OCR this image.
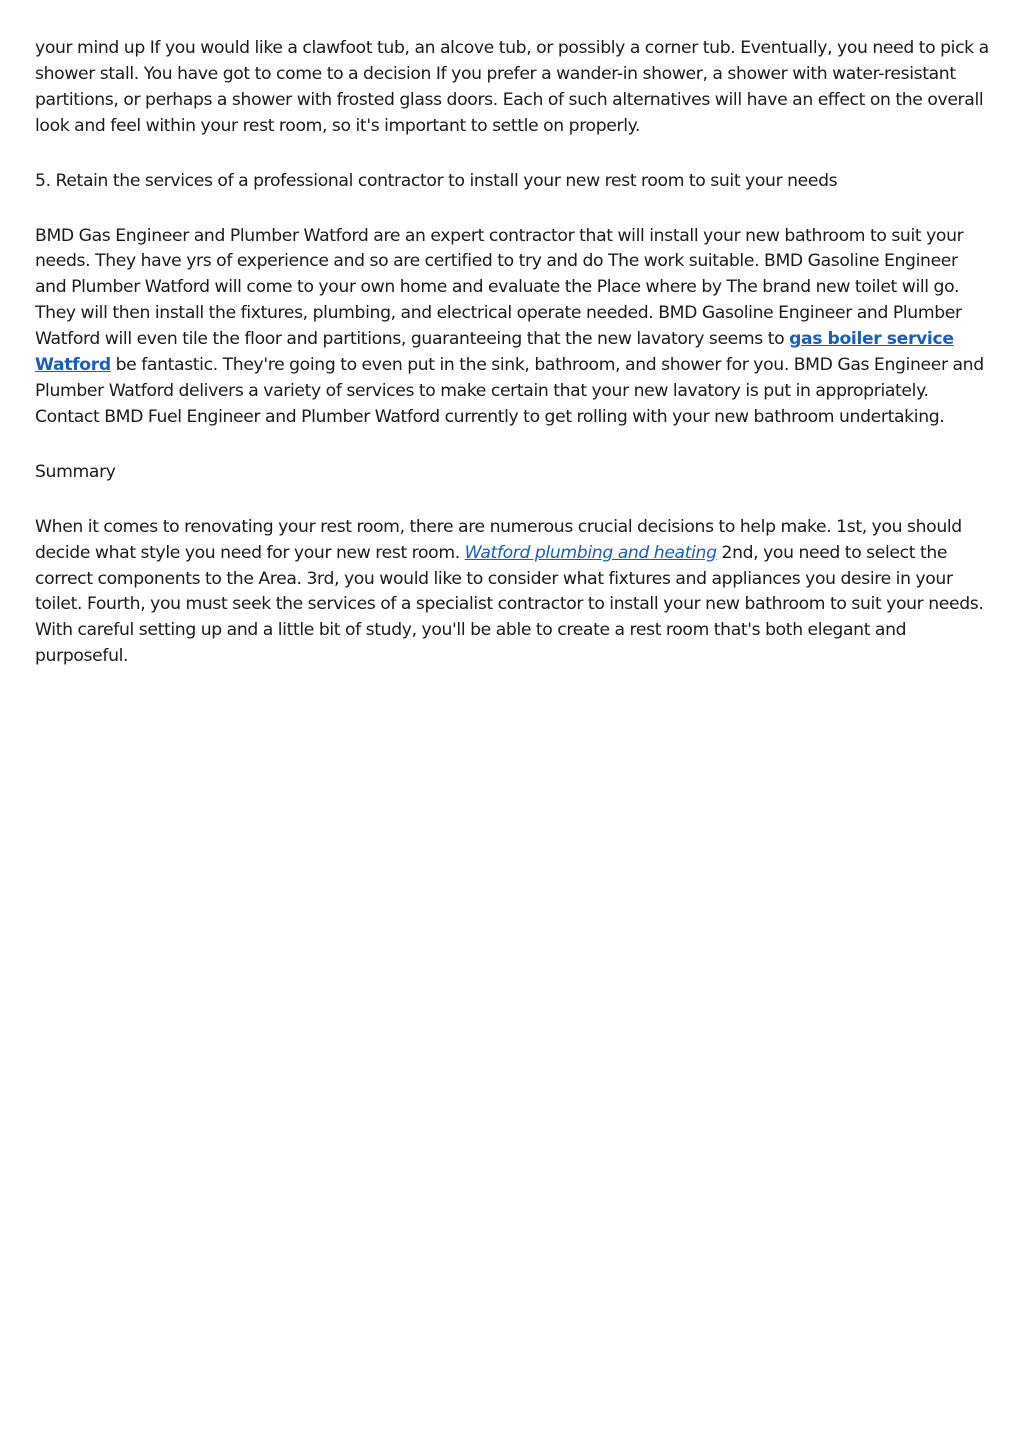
your mind up If you would like a clawfoot tub, an alcove tub, or possibly a corner tub. Eventually, you need to pick a shower stall. You have got to come to a decision If you prefer a wander-in shower, a shower with water-resistant partitions, or perhaps a shower with frosted glass doors. Each of such alternatives will have an effect on the overall look and feel within your rest room, so it's important to settle on properly.

5. Retain the services of a professional contractor to install your new rest room to suit your needs

BMD Gas Engineer and Plumber Watford are an expert contractor that will install your new bathroom to suit your needs. They have yrs of experience and so are certified to try and do The work suitable. BMD Gasoline Engineer and Plumber Watford will come to your own home and evaluate the Place where by The brand new toilet will go. They will then install the fixtures, plumbing, and electrical operate needed. BMD Gasoline Engineer and Plumber Watford will even tile the floor and partitions, guaranteeing that the new lavatory seems to gas boiler service Watford be fantastic. They're going to even put in the sink, bathroom, and shower for you. BMD Gas Engineer and Plumber Watford delivers a variety of services to make certain that your new lavatory is put in appropriately. Contact BMD Fuel Engineer and Plumber Watford currently to get rolling with your new bathroom undertaking.

Summary

When it comes to renovating your rest room, there are numerous crucial decisions to help make. 1st, you should decide what style you need for your new rest room. Watford plumbing and heating 2nd, you need to select the correct components to the Area. 3rd, you would like to consider what fixtures and appliances you desire in your toilet. Fourth, you must seek the services of a specialist contractor to install your new bathroom to suit your needs. With careful setting up and a little bit of study, you'll be able to create a rest room that's both elegant and purposeful.
